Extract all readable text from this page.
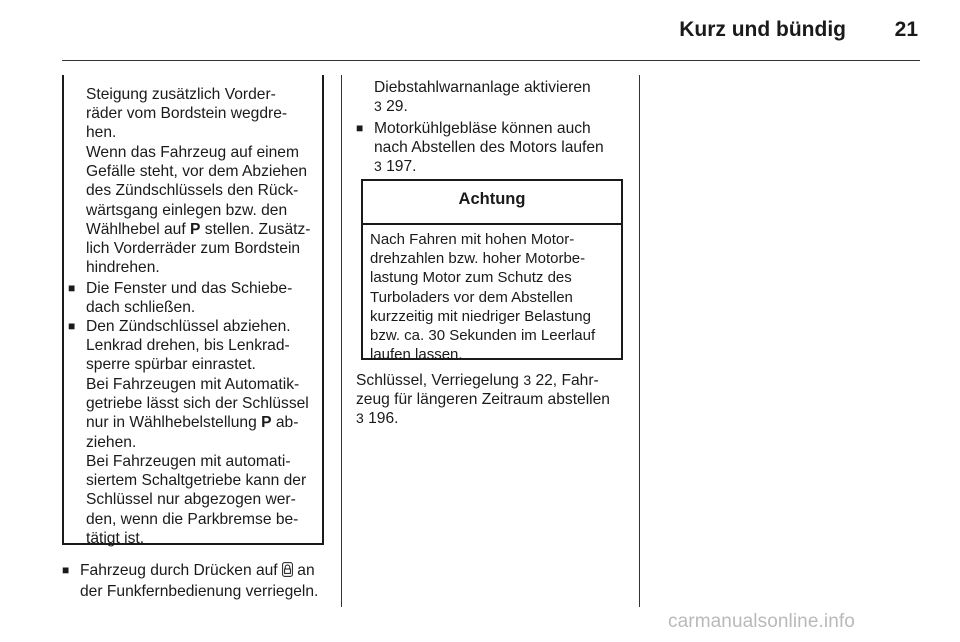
Kurz und bündig	21
Steigung zusätzlich Vorder-
räder vom Bordstein wegdre-
hen.
Wenn das Fahrzeug auf einem
Gefälle steht, vor dem Abziehen
des Zündschlüssels den Rück-
wärtsgang einlegen bzw. den
Wählhebel auf P stellen. Zusätz-
lich Vorderräder zum Bordstein
hindrehen.
■ Die Fenster und das Schiebe-
dach schließen.
■ Den Zündschlüssel abziehen.
Lenkrad drehen, bis Lenkrad-
sperre spürbar einrastet.
Bei Fahrzeugen mit Automatik-
getriebe lässt sich der Schlüssel
nur in Wählhebelstellung P ab-
ziehen.
Bei Fahrzeugen mit automati-
siertem Schaltgetriebe kann der
Schlüssel nur abgezogen wer-
den, wenn die Parkbremse be-
tätigt ist.
■ Fahrzeug durch Drücken auf  an
der Funkfernbedienung verriegeln.
Diebstahlwarnanlage aktivieren
3 29.
■ Motorkühlgebläse können auch
nach Abstellen des Motors laufen
3 197.
Achtung
Nach Fahren mit hohen Motor-
drehzahlen bzw. hoher Motorbe-
lastung Motor zum Schutz des
Turboladers vor dem Abstellen
kurzzeitig mit niedriger Belastung
bzw. ca. 30 Sekunden im Leerlauf
laufen lassen.
Schlüssel, Verriegelung 3 22, Fahr-
zeug für längeren Zeitraum abstellen
3 196.
carmanualsonline.info
